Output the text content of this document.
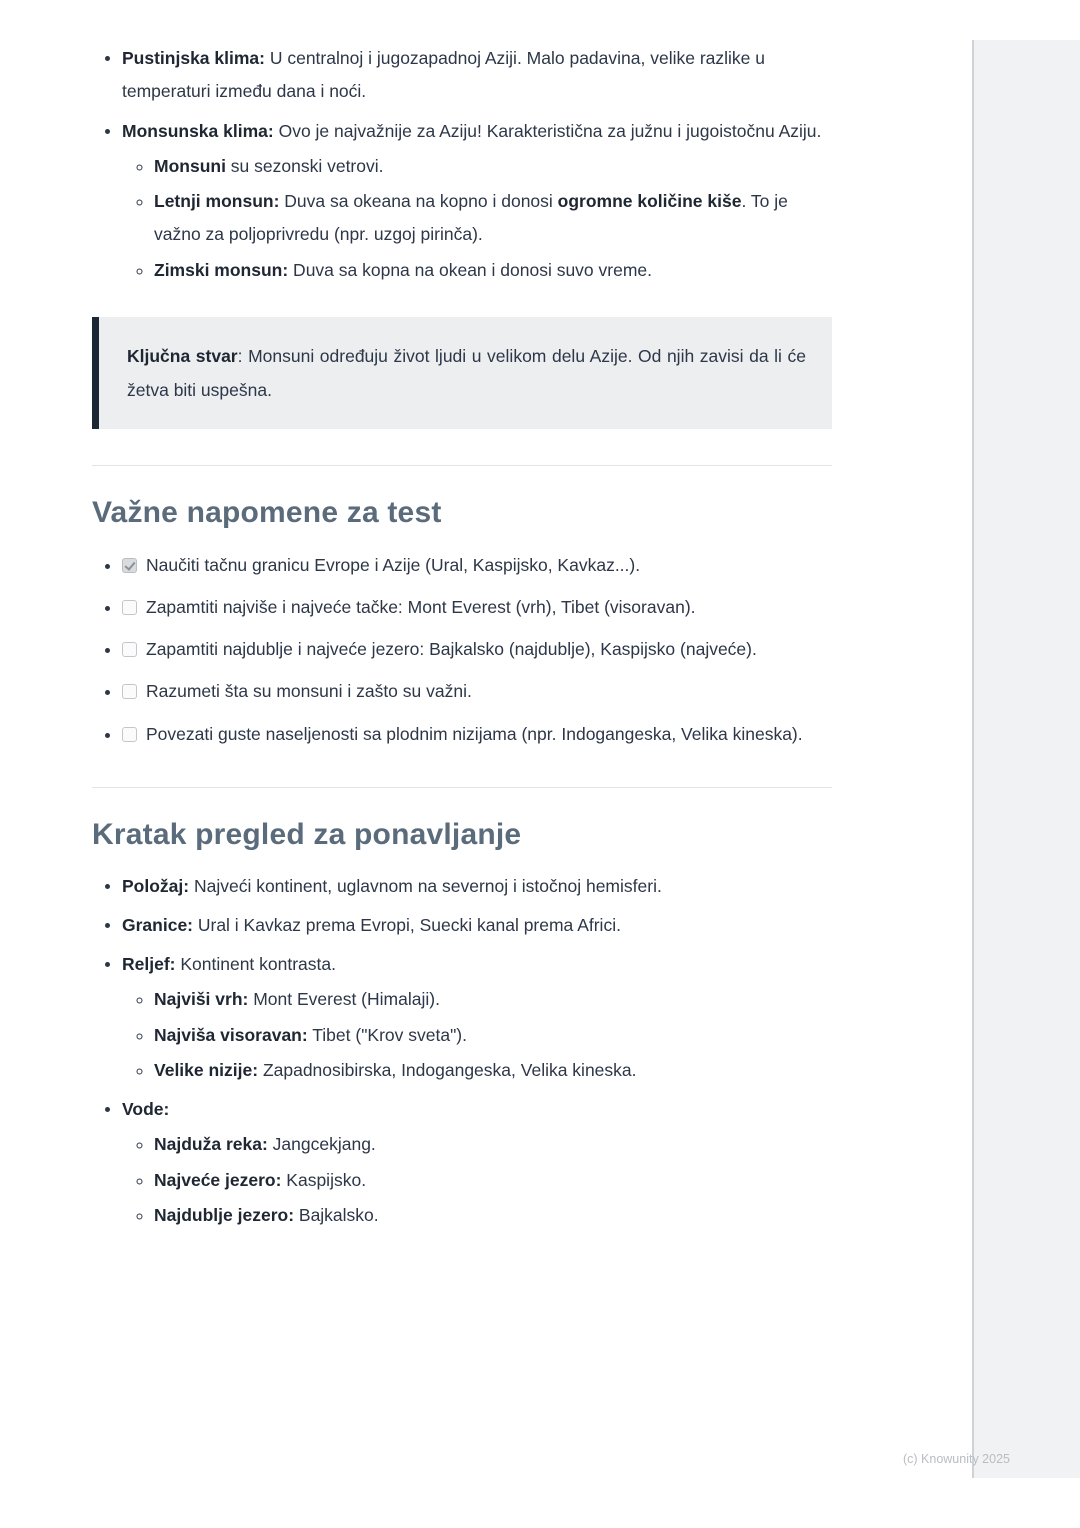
• Pustinjska klima: U centralnoj i jugozapadnoj Aziji. Malo padavina, velike razlike u temperaturi između dana i noći.
• Monsunska klima: Ovo je najvažnije za Aziju! Karakteristična za južnu i jugoistočnu Aziju.
◦ Monsuni su sezonski vetrovi.
◦ Letnji monsun: Duva sa okeana na kopno i donosi ogromne količine kiše. To je važno za poljoprivredu (npr. uzgoj pirinča).
◦ Zimski monsun: Duva sa kopna na okean i donosi suvo vreme.
Ključna stvar: Monsuni određuju život ljudi u velikom delu Azije. Od njih zavisi da li će žetva biti uspešna.
Važne napomene za test
• Naučiti tačnu granicu Evrope i Azije (Ural, Kaspijsko, Kavkaz...).
• Zapamtiti najviše i najveće tačke: Mont Everest (vrh), Tibet (visoravan).
• Zapamtiti najdublje i najveće jezero: Bajkalsko (najdublje), Kaspijsko (najveće).
• Razumeti šta su monsuni i zašto su važni.
• Povezati guste naseljenosti sa plodnim nizijama (npr. Indogangeska, Velika kineska).
Kratak pregled za ponavljanje
• Položaj: Najveći kontinent, uglavnom na severnoj i istočnoj hemisferi.
• Granice: Ural i Kavkaz prema Evropi, Suecki kanal prema Africi.
• Reljef: Kontinent kontrasta.
◦ Najviši vrh: Mont Everest (Himalaji).
◦ Najviša visoravan: Tibet ("Krov sveta").
◦ Velike nizije: Zapadnosibirska, Indogangeska, Velika kineska.
• Vode:
◦ Najduža reka: Jangcekjang.
◦ Najveće jezero: Kaspijsko.
◦ Najdublje jezero: Bajkalsko.
(c) Knowunity 2025
